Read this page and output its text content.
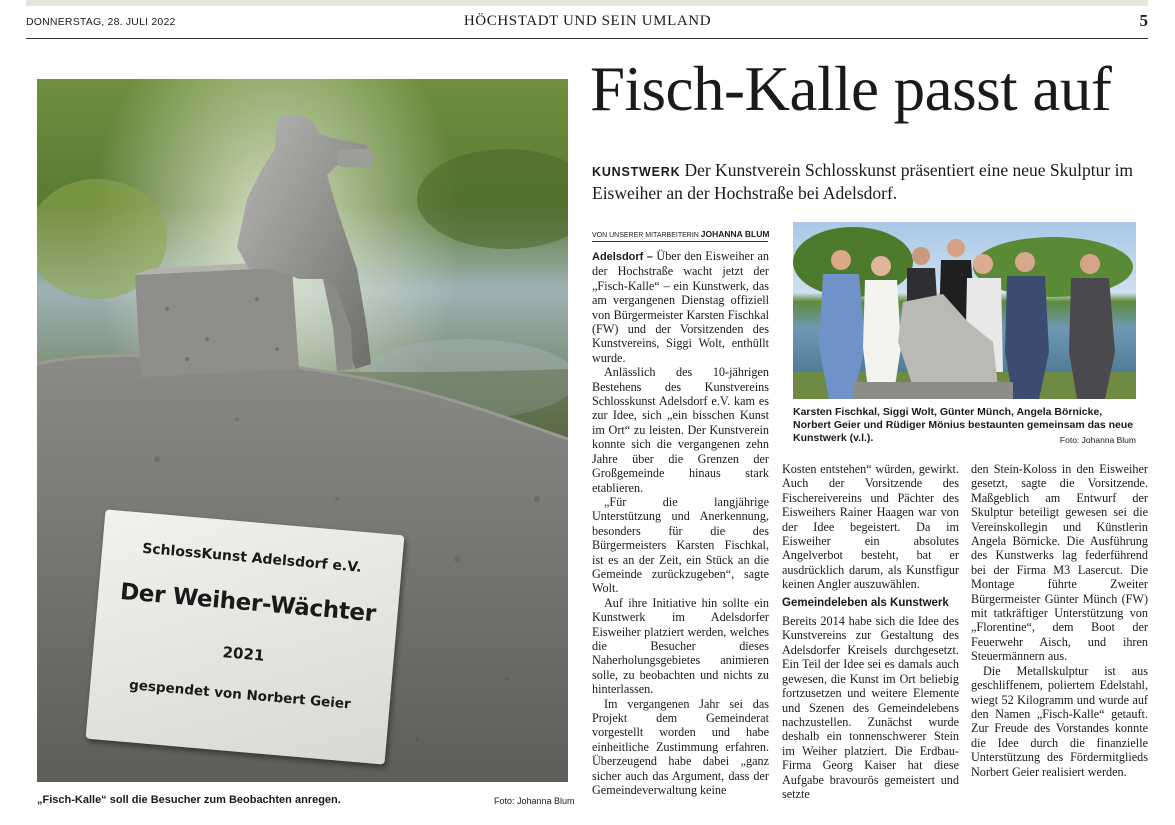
DONNERSTAG, 28. JULI 2022	HÖCHSTADT UND SEIN UMLAND	5
SchlossKunst Adelsdorf e.V.
Der Weiher-Wächter
2021
gespendet von Norbert Geier
„Fisch-Kalle“ soll die Besucher zum Beobachten anregen.	Foto: Johanna Blum
Fisch-Kalle passt auf
KUNSTWERK Der Kunstverein Schlosskunst präsentiert eine neue Skulptur im Eisweiher an der Hochstraße bei Adelsdorf.
VON UNSERER MITARBEITERIN JOHANNA BLUM

Adelsdorf – Über den Eisweiher an der Hochstraße wacht jetzt der „Fisch-Kalle“ – ein Kunstwerk, das am vergangenen Dienstag offiziell von Bürgermeister Karsten Fischkal (FW) und der Vorsitzenden des Kunstvereins, Siggi Wolt, enthüllt wurde.

Anlässlich des 10-jährigen Bestehens des Kunstvereins Schlosskunst Adelsdorf e.V. kam es zur Idee, sich „ein bisschen Kunst im Ort“ zu leisten. Der Kunstverein konnte sich die vergangenen zehn Jahre über die Grenzen der Großgemeinde hinaus stark etablieren.

„Für die langjährige Unterstützung und Anerkennung, besonders für die des Bürgermeisters Karsten Fischkal, ist es an der Zeit, ein Stück an die Gemeinde zurückzugeben“, sagte Wolt.

Auf ihre Initiative hin sollte ein Kunstwerk im Adelsdorfer Eisweiher platziert werden, welches die Besucher dieses Naherholungsgebietes animieren solle, zu beobachten und nichts zu hinterlassen.

Im vergangenen Jahr sei das Projekt dem Gemeinderat vorgestellt worden und habe einheitliche Zustimmung erfahren. Überzeugend habe dabei „ganz sicher auch das Argument, dass der Gemeindeverwaltung keine

Karsten Fischkal, Siggi Wolt, Günter Münch, Angela Börnicke, Norbert Geier und Rüdiger Mönius bestaunten gemeinsam das neue Kunstwerk (v.l.).	Foto: Johanna Blum

Kosten entstehen“ würden, gewirkt. Auch der Vorsitzende des Fischereivereins und Pächter des Eisweihers Rainer Haagen war von der Idee begeistert. Da im Eisweiher ein absolutes Angelverbot besteht, bat er ausdrücklich darum, als Kunstfigur keinen Angler auszuwählen.

Gemeindeleben als Kunstwerk

Bereits 2014 habe sich die Idee des Kunstvereins zur Gestaltung des Adelsdorfer Kreisels durchgesetzt. Ein Teil der Idee sei es damals auch gewesen, die Kunst im Ort beliebig fortzusetzen und weitere Elemente und Szenen des Gemeindelebens nachzustellen. Zunächst wurde deshalb ein tonnenschwerer Stein im Weiher platziert. Die Erdbau-Firma Georg Kaiser hat diese Aufgabe bravourös gemeistert und setzte

den Stein-Koloss in den Eisweiher gesetzt, sagte die Vorsitzende. Maßgeblich am Entwurf der Skulptur beteiligt gewesen sei die Vereinskollegin und Künstlerin Angela Börnicke. Die Ausführung des Kunstwerks lag federführend bei der Firma M3 Lasercut. Die Montage führte Zweiter Bürgermeister Günter Münch (FW) mit tatkräftiger Unterstützung von „Florentine“, dem Boot der Feuerwehr Aisch, und ihren Steuermännern aus.

Die Metallskulptur ist aus geschliffenem, poliertem Edelstahl, wiegt 52 Kilogramm und wurde auf den Namen „Fisch-Kalle“ getauft. Zur Freude des Vorstandes konnte die Idee durch die finanzielle Unterstützung des Fördermitglieds Norbert Geier realisiert werden.
